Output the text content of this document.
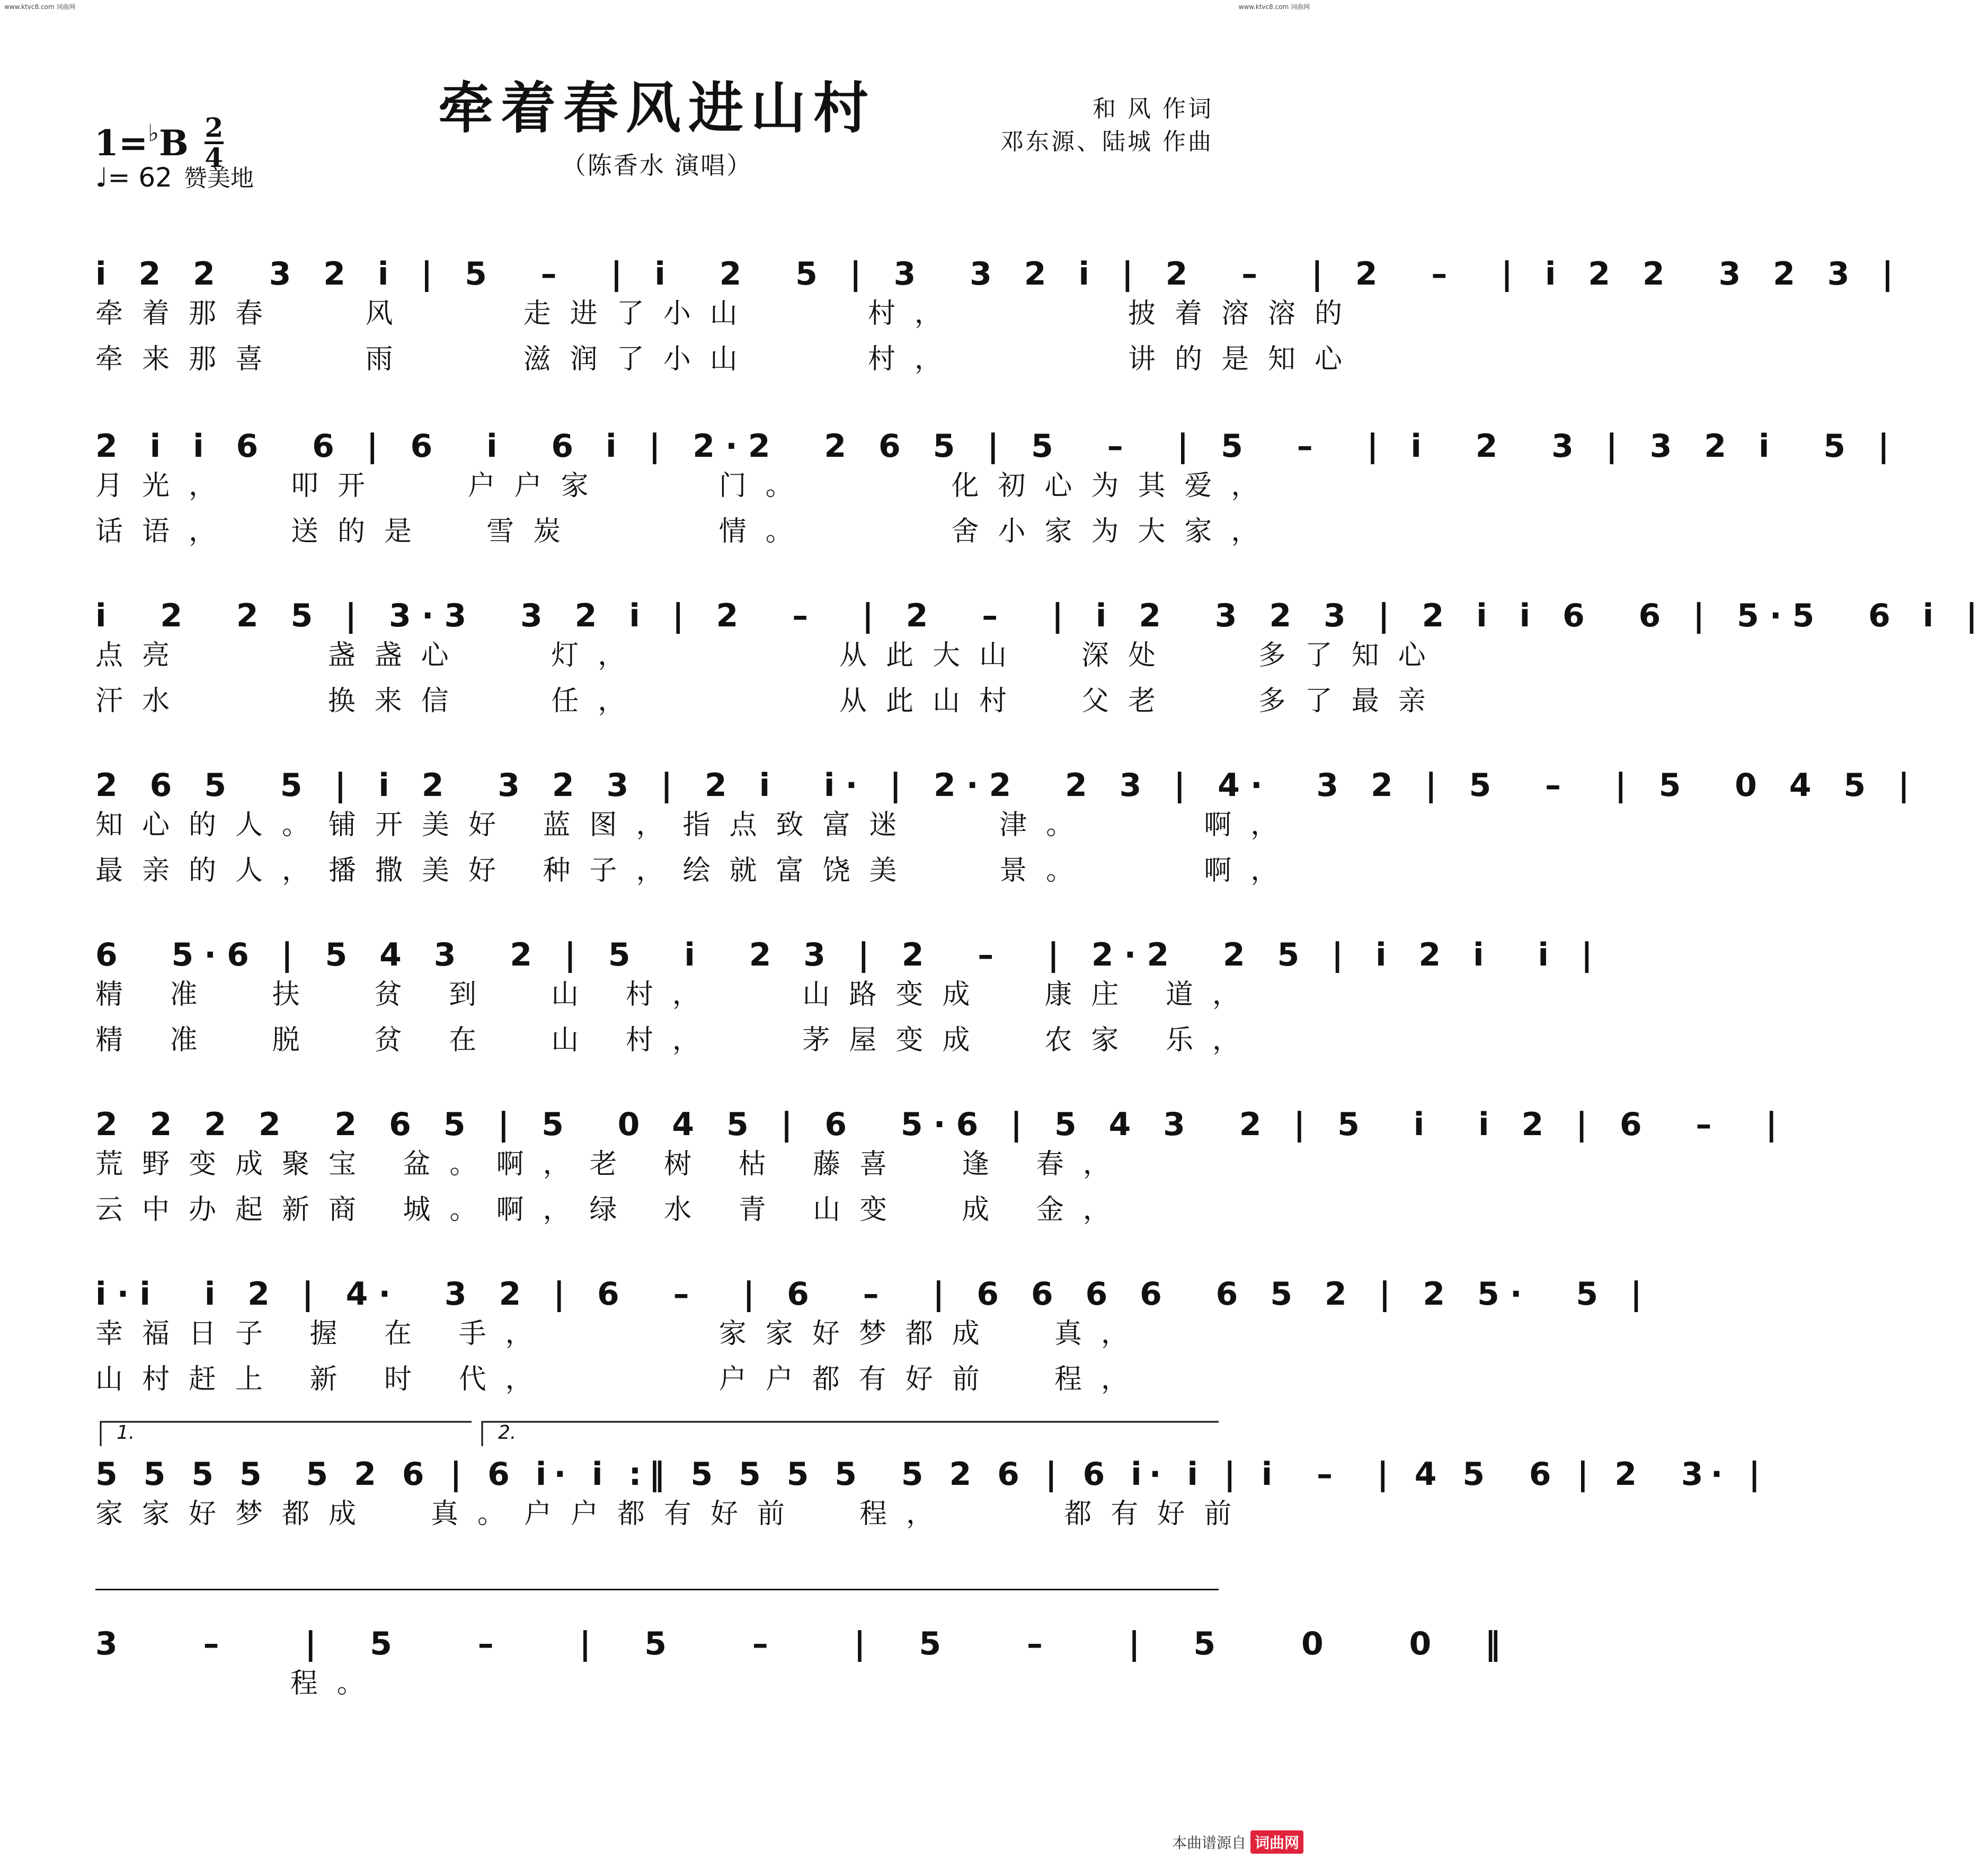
www.ktvc8.com 词曲网	www.ktvc8.com 词曲网
牵着春风进山村
（陈香水 演唱）
1= ♭ B 2
4
♩= 62 赞美地
和 风 作词
邓东源、陆城 作曲
i 2 2  3 2 i | 5  –  | i  2  5 | 3  3 2 i | 2  –  | 2  –  | i 2 2  3 2 3 |
牵着那春   风    走进了小山    村，      披着溶溶的
牵来那喜   雨    滋润了小山    村，      讲的是知心
2 i i 6  6 | 6  i  6 i | 2·2  2 6 5 | 5  –  | 5  –  | i  2  3 | 3 2 i  5 |
月光，  叩开   户户家    门。     化初心为其爱，
话语，  送的是  雪炭     情。     舍小家为大家，
i  2  2 5 | 3·3  3 2 i | 2  –  | 2  –  | i 2  3 2 3 | 2 i i 6  6 | 5·5  6 i |
点亮     盏盏心   灯，       从此大山  深处   多了知心
汗水     换来信   任，       从此山村  父老   多了最亲
2 6 5  5 | i 2  3 2 3 | 2 i  i· | 2·2  2 3 | 4·  3 2 | 5  –  | 5  0 4 5 |
知心的人。铺开美好 蓝图，指点致富迷   津。    啊，
最亲的人，播撒美好 种子，绘就富饶美   景。    啊，
6  5·6 | 5 4 3  2 | 5  i  2 3 | 2  –  | 2·2  2 5 | i 2 i  i |
精 准  扶  贫 到  山 村，   山路变成  康庄 道，
精 准  脱  贫 在  山 村，   茅屋变成  农家 乐，
2 2 2 2  2 6 5 | 5  0 4 5 | 6  5·6 | 5 4 3  2 | 5  i  i 2 | 6  –  |
荒野变成聚宝 盆。啊，老 树 枯 藤喜  逢 春，
云中办起新商 城。啊，绿 水 青 山变  成 金，
i·i  i 2 | 4·  3 2 | 6  –  | 6  –  | 6 6 6 6  6 5 2 | 2 5·  5 |
幸福日子 握 在 手，      家家好梦都成  真，
山村赶上 新 时 代，      户户都有好前  程，
1.	2.
5 5 5 5  5 2 6 | 6 i· i :‖ 5 5 5 5  5 2 6 | 6 i· i | i  –  | 4 5  6 | 2  3· |
家家好梦都成  真。户户都有好前  程，    都有好前
3  –  | 5  –  | 5  –  | 5  –  | 5  0  0 ‖
程。
本曲谱源自 词曲网
